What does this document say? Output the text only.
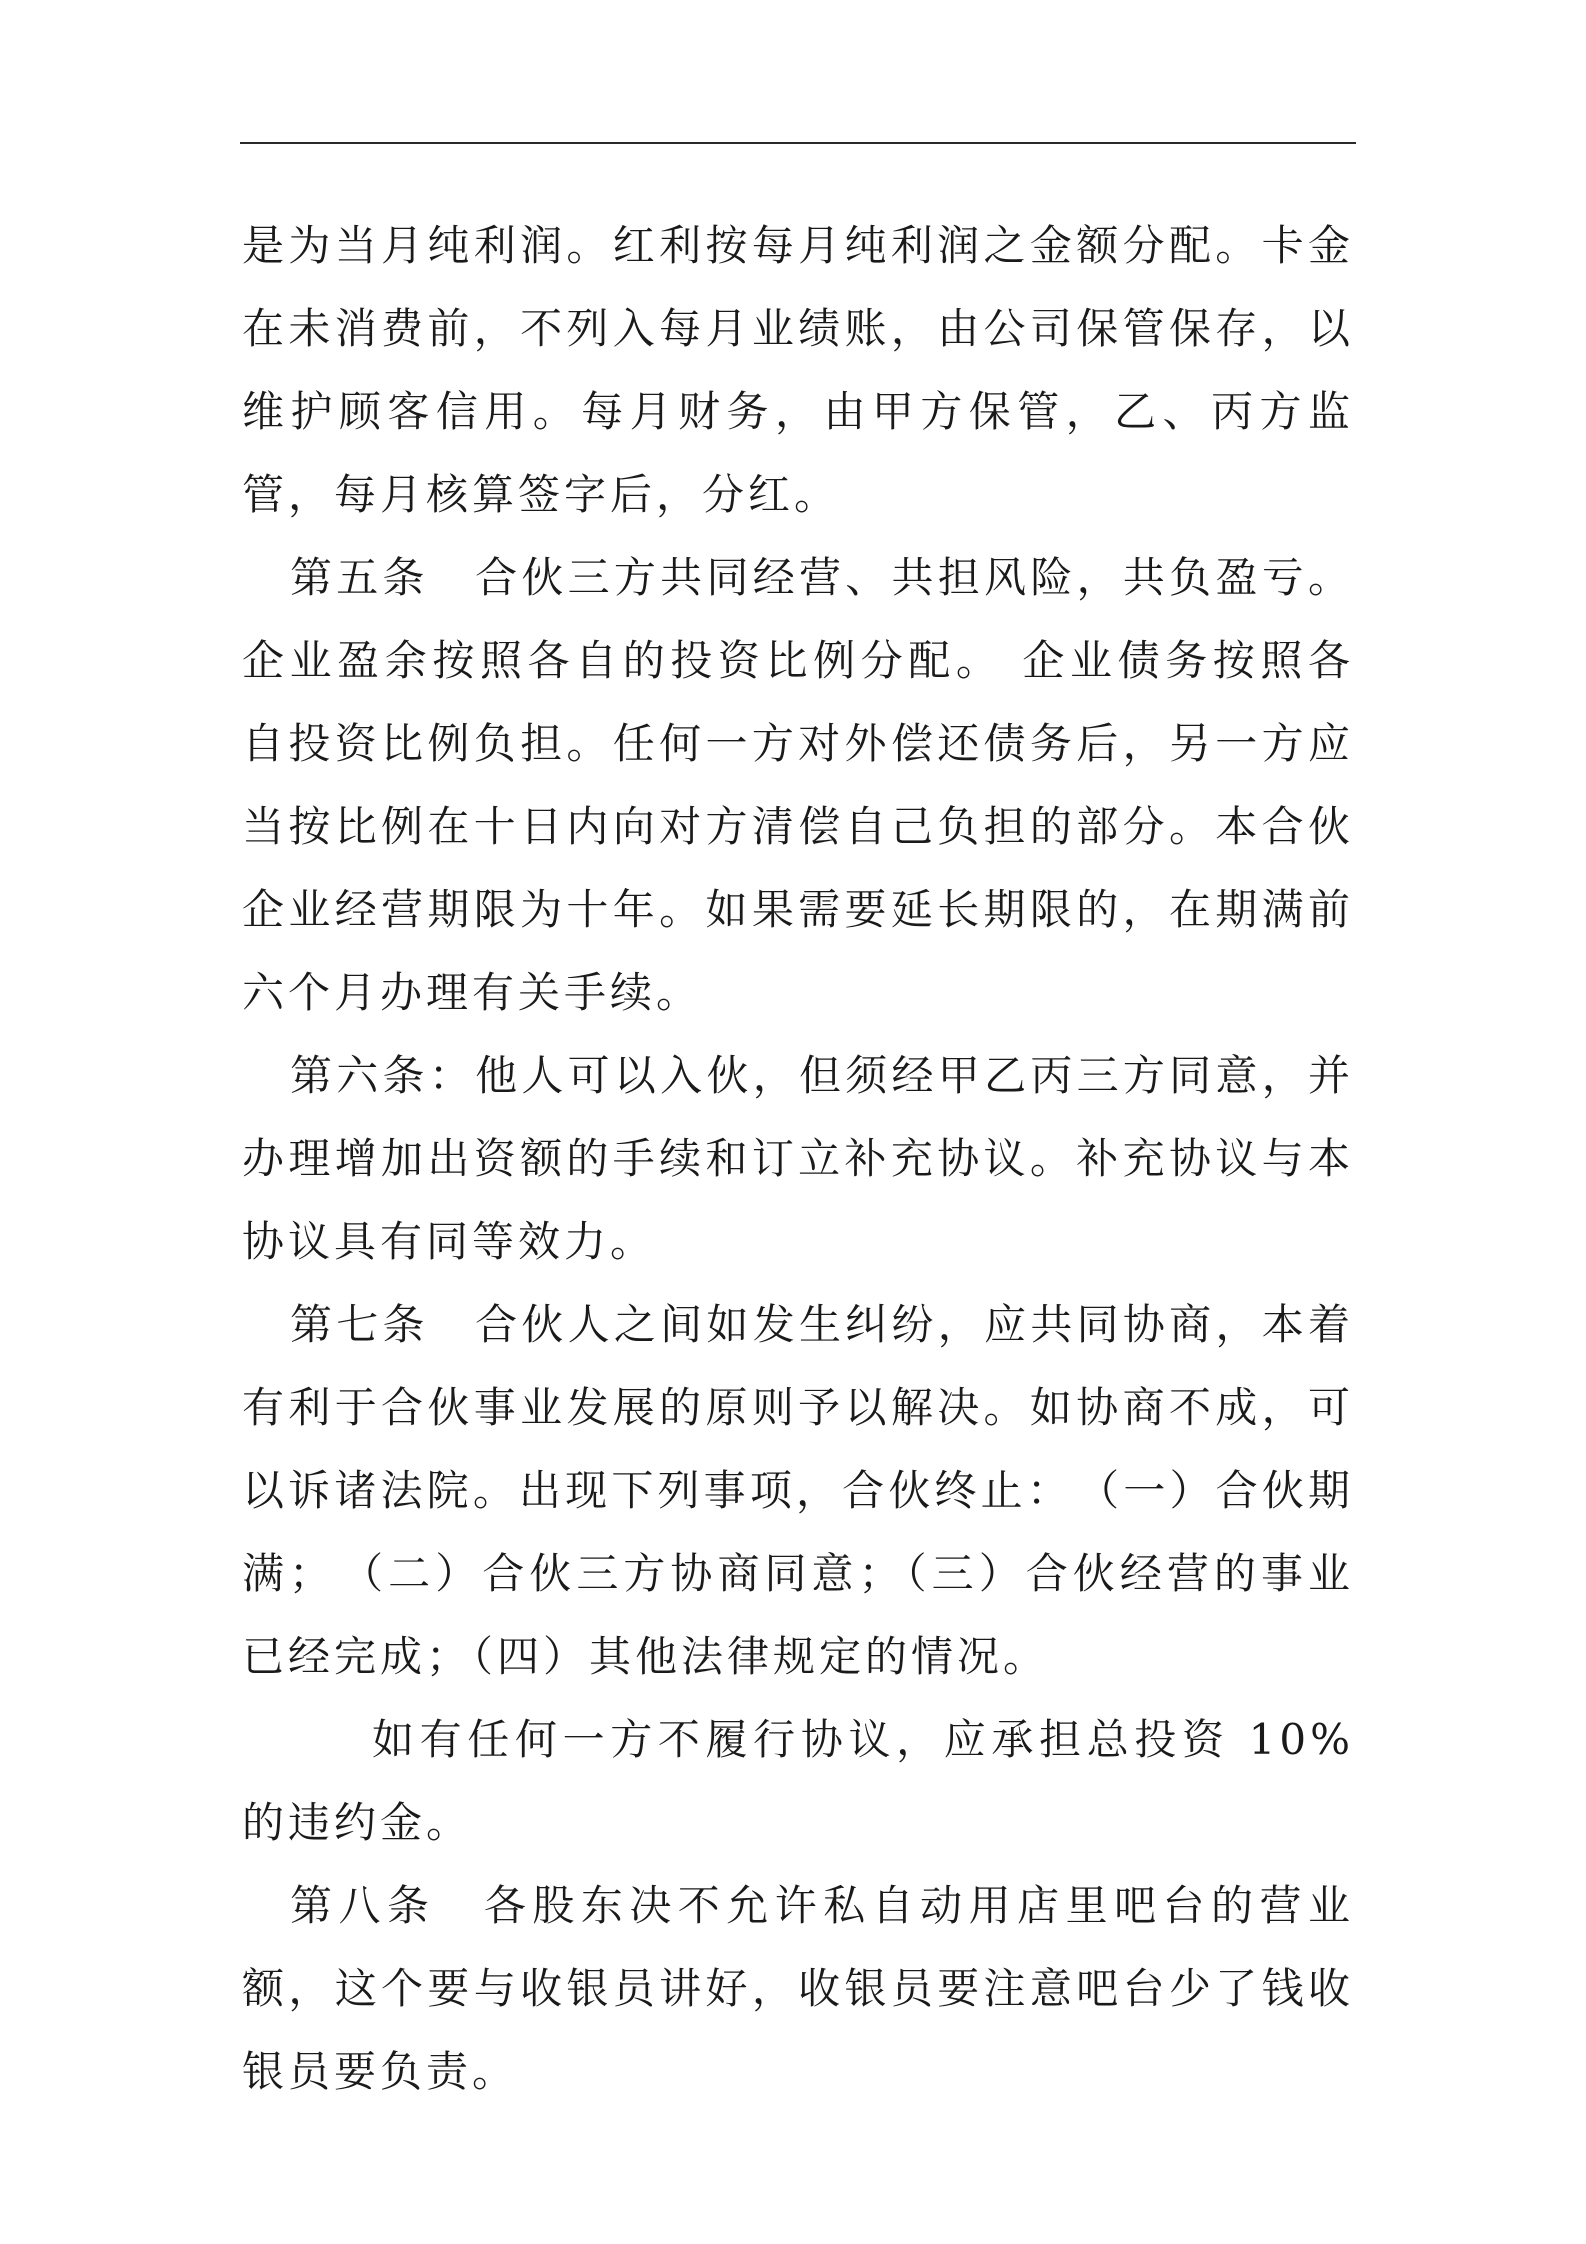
是为当月纯利润。红利按每月纯利润之金额分配。卡金在未消费前，不列入每月业绩账，由公司保管保存，以维护顾客信用。每月财务，由甲方保管，乙、丙方监管，每月核算签字后，分红。

第五条　合伙三方共同经营、共担风险，共负盈亏。 企业盈余按照各自的投资比例分配。 企业债务按照各自投资比例负担。任何一方对外偿还债务后，另一方应当按比例在十日内向对方清偿自己负担的部分。本合伙企业经营期限为十年。如果需要延长期限的，在期满前六个月办理有关手续。

第六条：他人可以入伙，但须经甲乙丙三方同意，并办理增加出资额的手续和订立补充协议。补充协议与本协议具有同等效力。

第七条　合伙人之间如发生纠纷，应共同协商，本着有利于合伙事业发展的原则予以解决。如协商不成，可以诉诸法院。出现下列事项，合伙终止：　（一）合伙期满；　（二）合伙三方协商同意；（三）合伙经营的事业已经完成；（四）其他法律规定的情况。

如有任何一方不履行协议，应承担总投资 10%的违约金。

第八条　各股东决不允许私自动用店里吧台的营业额，这个要与收银员讲好，收银员要注意吧台少了钱收银员要负责。
